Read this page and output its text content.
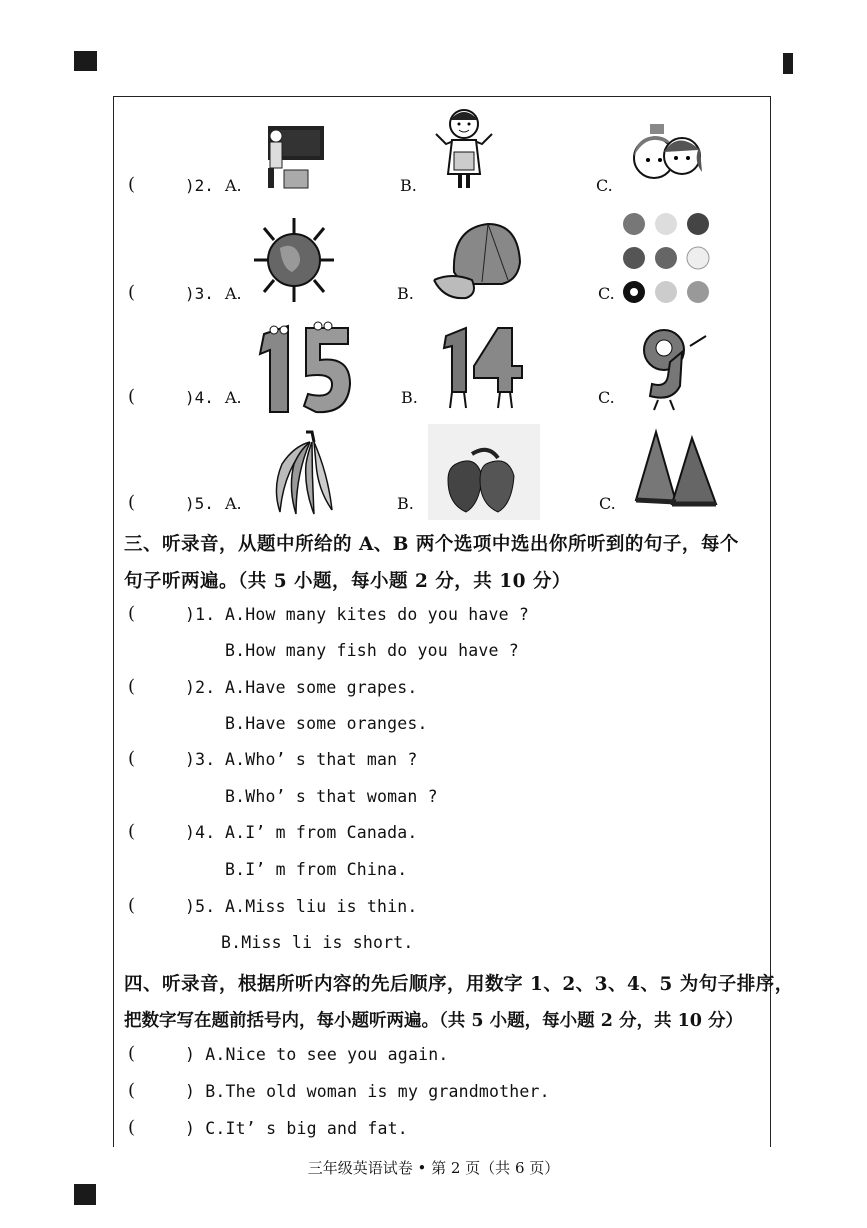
(	)2. A.	B.	C.
(	)3. A.	B.	C.
(	)4. A.	B.	C.
(	)5. A.	B.	C.
三、听录音，从题中所给的 A、B 两个选项中选出你所听到的句子，每个
句子听两遍。（共 5 小题，每小题 2 分，共 10 分）
(	)1. A.How many kites do you have ?
B.How many fish do you have ?
(	)2. A.Have some grapes.
B.Have some oranges.
(	)3. A.Who’ s that man ?
B.Who’ s that woman ?
(	)4. A.I’ m from Canada.
B.I’ m from China.
(	)5. A.Miss liu is thin.
B.Miss li is short.
四、听录音，根据所听内容的先后顺序，用数字 1、2、3、4、5 为句子排序，
把数字写在题前括号内，每小题听两遍。（共 5 小题，每小题 2 分，共 10 分）
(	) A.Nice to see you again.
(	) B.The old woman is my grandmother.
(	) C.It’ s big and fat.
三年级英语试卷 • 第 2 页（共 6 页）
